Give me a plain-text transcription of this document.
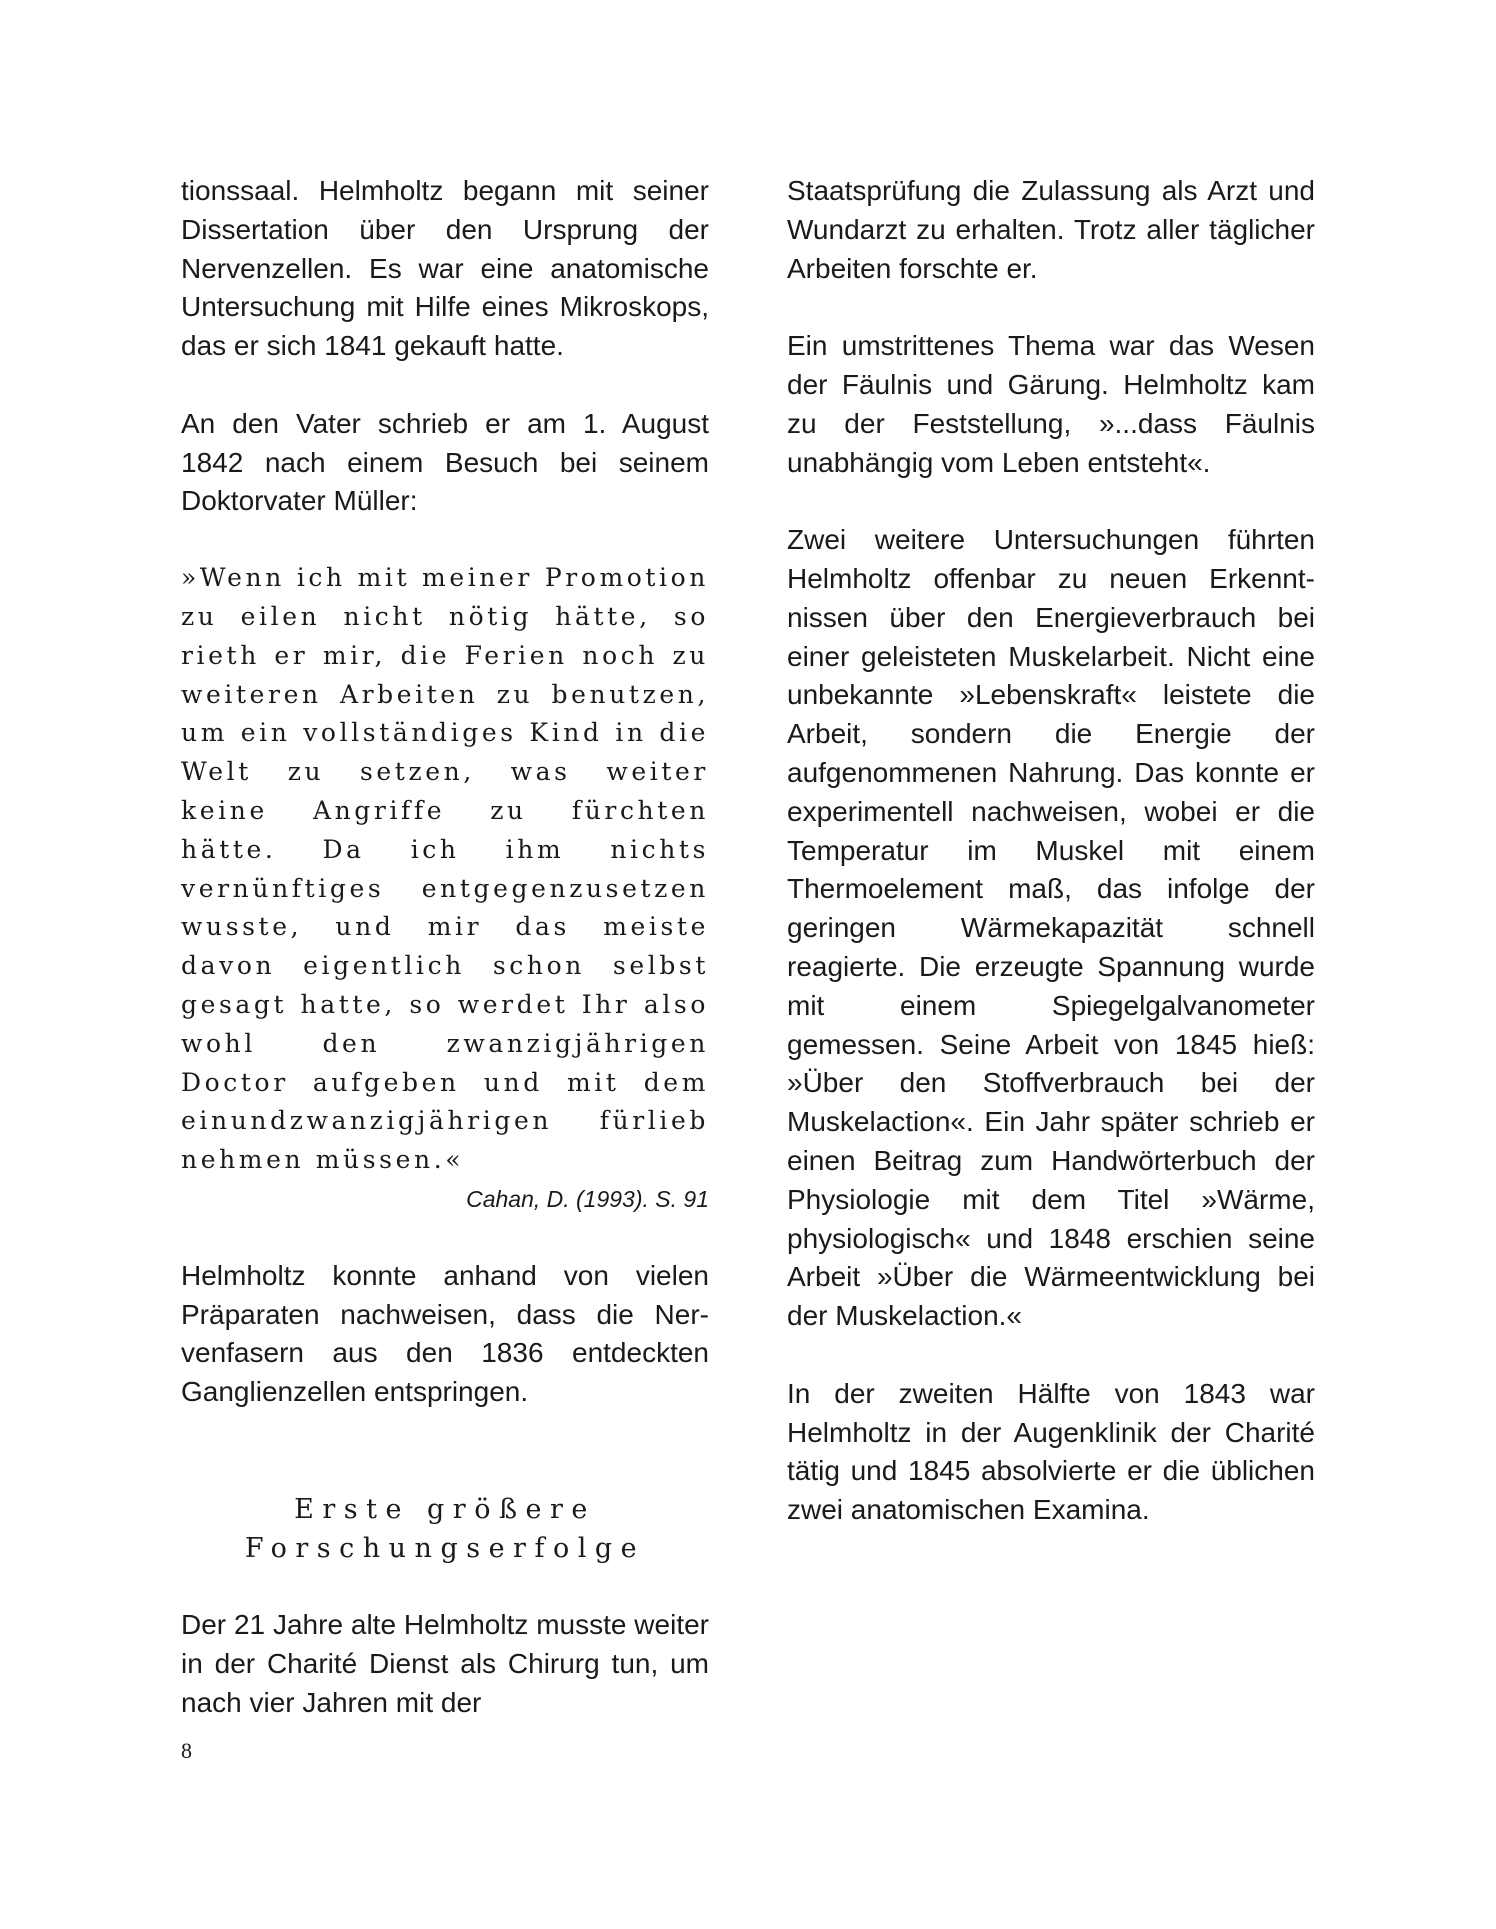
tionssaal. Helmholtz begann mit seiner Dissertation über den Ursprung der Nervenzellen. Es war eine anatomische Untersuchung mit Hilfe eines Mikroskops, das er sich 1841 gekauft hatte.

An den Vater schrieb er am 1. August 1842 nach einem Besuch bei seinem Doktorvater Müller:

»Wenn ich mit meiner Promotion zu eilen nicht nötig hätte, so rieth er mir, die Ferien noch zu weiteren Arbeiten zu benutzen, um ein vollständiges Kind in die Welt zu setzen, was weiter keine Angriffe zu fürchten hätte. Da ich ihm nichts vernünftiges entgegenzusetzen wusste, und mir das meiste davon eigentlich schon selbst gesagt hatte, so werdet Ihr also wohl den zwanzigjährigen Doctor aufgeben und mit dem einundzwanzigjährigen fürlieb nehmen müssen.«

Cahan, D. (1993). S. 91

Helmholtz konnte anhand von vielen Präparaten nachweisen, dass die Nervenfasern aus den 1836 entdeckten Ganglienzellen entspringen.

Erste größere
Forschungserfolge

Der 21 Jahre alte Helmholtz musste weiter in der Charité Dienst als Chirurg tun, um nach vier Jahren mit der

Staatsprüfung die Zulassung als Arzt und Wundarzt zu erhalten. Trotz aller täglicher Arbeiten forschte er.

Ein umstrittenes Thema war das Wesen der Fäulnis und Gärung. Helmholtz kam zu der Feststellung, »...dass Fäulnis unabhängig vom Leben entsteht«.

Zwei weitere Untersuchungen führten Helmholtz offenbar zu neuen Erkenntnissen über den Energieverbrauch bei einer geleisteten Muskelarbeit. Nicht eine unbekannte »Lebenskraft« leistete die Arbeit, sondern die Energie der aufgenommenen Nahrung. Das konnte er experimentell nachweisen, wobei er die Temperatur im Muskel mit einem Thermoelement maß, das infolge der geringen Wärmekapazität schnell reagierte. Die erzeugte Spannung wurde mit einem Spiegelgalvanometer gemessen. Seine Arbeit von 1845 hieß: »Über den Stoffverbrauch bei der Muskelaction«. Ein Jahr später schrieb er einen Beitrag zum Handwörterbuch der Physiologie mit dem Titel »Wärme, physiologisch« und 1848 erschien seine Arbeit »Über die Wärmeentwicklung bei der Muskelaction.«

In der zweiten Hälfte von 1843 war Helmholtz in der Augenklinik der Charité tätig und 1845 absolvierte er die üblichen zwei anatomischen Examina.

8
